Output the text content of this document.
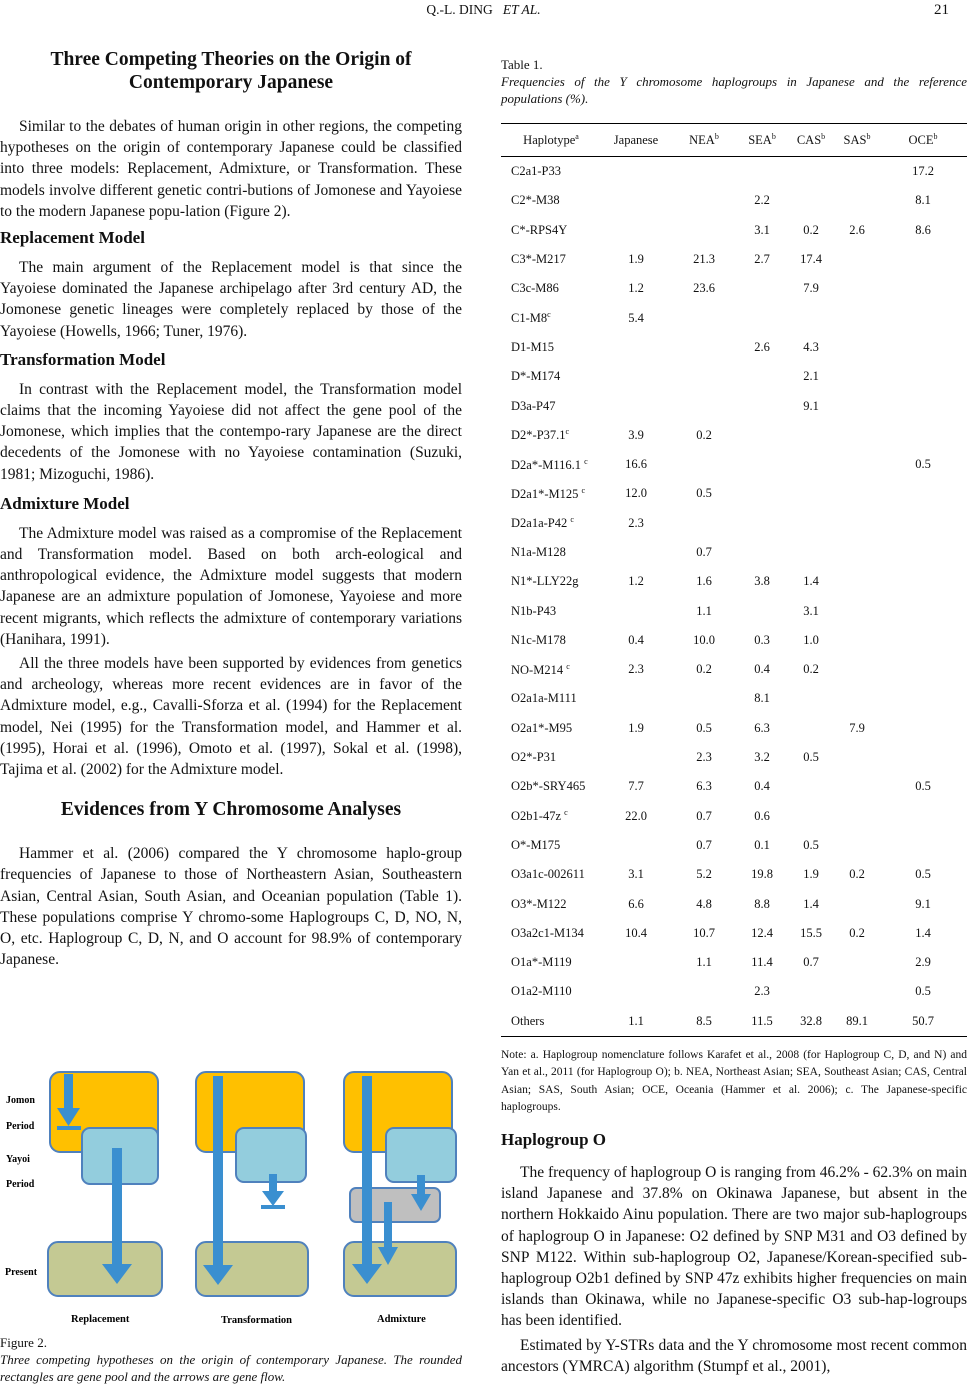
Q.-L. DING ET AL.	21
Three Competing Theories on the Origin of Contemporary Japanese

Similar to the debates of human origin in other regions, the competing hypotheses on the origin of contemporary Japanese could be classified into three models: Replacement, Admixture, or Transformation. These models involve different genetic contri-butions of Jomonese and Yayoiese to the modern Japanese popu-lation (Figure 2).

Replacement Model

The main argument of the Replacement model is that since the Yayoiese dominated the Japanese archipelago after 3rd century AD, the Jomonese genetic lineages were completely replaced by those of the Yayoiese (Howells, 1966; Tuner, 1976).

Transformation Model

In contrast with the Replacement model, the Transformation model claims that the incoming Yayoiese did not affect the gene pool of the Jomonese, which implies that the contempo-rary Japanese are the direct decedents of the Jomonese with no Yayoiese contamination (Suzuki, 1981; Mizoguchi, 1986).

Admixture Model

The Admixture model was raised as a compromise of the Replacement and Transformation model. Based on both arch-eological and anthropological evidence, the Admixture model suggests that modern Japanese are an admixture population of Jomonese, Yayoiese and more recent migrants, which reflects the admixture of contemporary variations (Hanihara, 1991).

All the three models have been supported by evidences from genetics and archeology, whereas more recent evidences are in favor of the Admixture model, e.g., Cavalli-Sforza et al. (1994) for the Replacement model, Nei (1995) for the Transformation model, and Hammer et al. (1995), Horai et al. (1996), Omoto et al. (1997), Sokal et al. (1998), Tajima et al. (2002) for the Admixture model.

Evidences from Y Chromosome Analyses

Hammer et al. (2006) compared the Y chromosome haplo-group frequencies of Japanese to those of Northeastern Asian, Southeastern Asian, Central Asian, South Asian, and Oceanian population (Table 1). These populations comprise Y chromo-some Haplogroups C, D, NO, N, O, etc. Haplogroup C, D, N, and O account for 98.9% of contemporary Japanese.

Jomon
Period
Yayoi
Period
Present
Replacement	Transformation	Admixture
Figure 2.
Three competing hypotheses on the origin of contemporary Japanese. The rounded rectangles are gene pool and the arrows are gene flow.
Table 1.
Frequencies of the Y chromosome haplogroups in Japanese and the reference populations (%).
Haplotype$^a$	Japanese	NEA$^b$	SEA$^b$	CAS$^b$	SAS$^b$	OCE$^b$
C2a1-P33						17.2
C2*-M38			2.2			8.1
C*-RPS4Y			3.1	0.2	2.6	8.6
C3*-M217	1.9	21.3	2.7	17.4		
C3c-M86	1.2	23.6		7.9		
C1-M8$^c$	5.4					
D1-M15			2.6	4.3		
D*-M174				2.1		
D3a-P47				9.1		
D2*-P37.1$^c$	3.9	0.2				
D2a*-M116.1 $^c$	16.6					0.5
D2a1*-M125 $^c$	12.0	0.5				
D2a1a-P42 $^c$	2.3					
N1a-M128		0.7				
N1*-LLY22g	1.2	1.6	3.8	1.4		
N1b-P43		1.1		3.1		
N1c-M178	0.4	10.0	0.3	1.0		
NO-M214 $^c$	2.3	0.2	0.4	0.2		
O2a1a-M111			8.1			
O2a1*-M95	1.9	0.5	6.3		7.9	
O2*-P31		2.3	3.2	0.5		
O2b*-SRY465	7.7	6.3	0.4			0.5
O2b1-47z $^c$	22.0	0.7	0.6			
O*-M175		0.7	0.1	0.5		
O3a1c-002611	3.1	5.2	19.8	1.9	0.2	0.5
O3*-M122	6.6	4.8	8.8	1.4		9.1
O3a2c1-M134	10.4	10.7	12.4	15.5	0.2	1.4
O1a*-M119		1.1	11.4	0.7		2.9
O1a2-M110			2.3			0.5
Others	1.1	8.5	11.5	32.8	89.1	50.7
Note: a. Haplogroup nomenclature follows Karafet et al., 2008 (for Haplogroup C, D, and N) and Yan et al., 2011 (for Haplogroup O); b. NEA, Northeast Asian; SEA, Southeast Asian; CAS, Central Asian; SAS, South Asian; OCE, Oceania (Hammer et al. 2006); c. The Japanese-specific haplogroups.
Haplogroup O

The frequency of haplogroup O is ranging from 46.2% - 62.3% on main island Japanese and 37.8% on Okinawa Japanese, but absent in the northern Hokkaido Ainu population. There are two major sub-haplogroups of haplogroup O in Japanese: O2 defined by SNP M31 and O3 defined by SNP M122. Within sub-haplogroup O2, Japanese/Korean-specified sub-haplogroup O2b1 defined by SNP 47z exhibits higher frequencies on main islands than Okinawa, while no Japanese-specific O3 sub-hap-logroups has been identified.

Estimated by Y-STRs data and the Y chromosome most recent common ancestors (YMRCA) algorithm (Stumpf et al., 2001),
